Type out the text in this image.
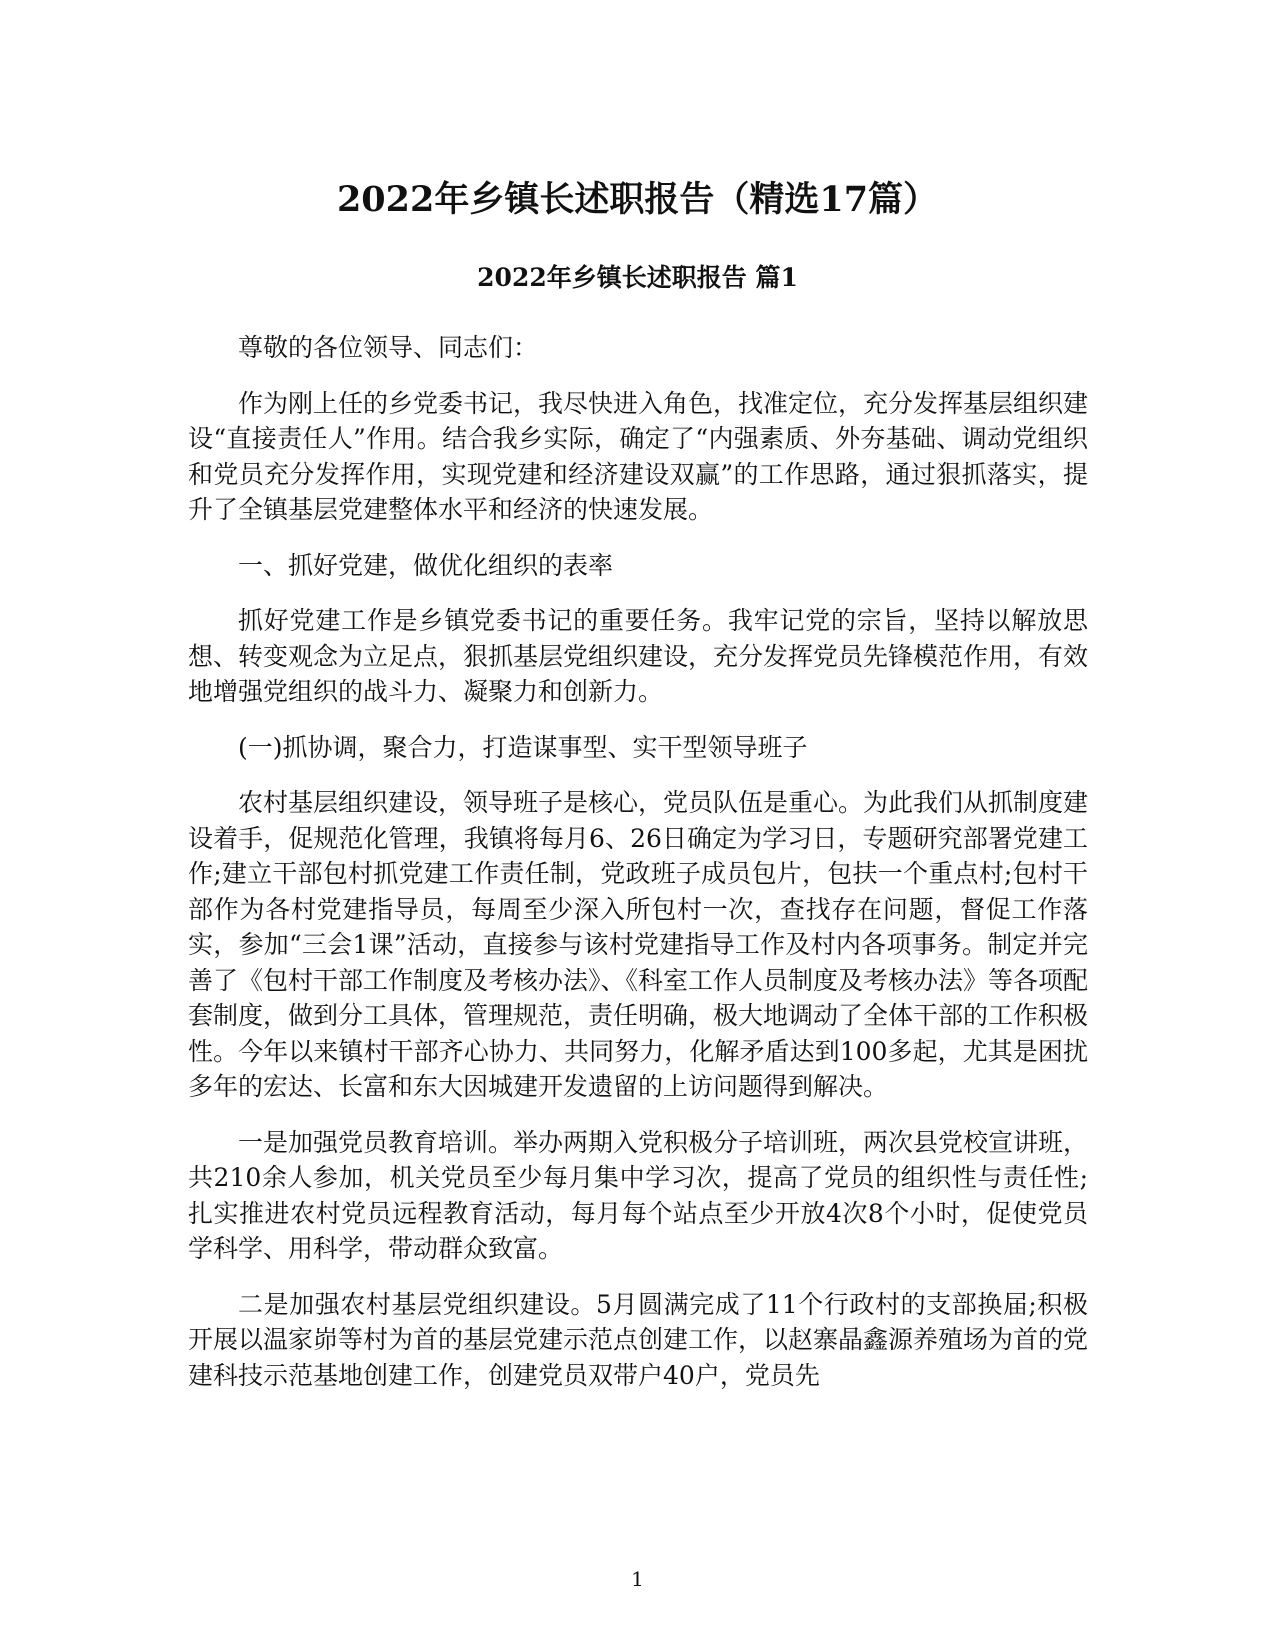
2022年乡镇长述职报告（精选17篇）
2022年乡镇长述职报告 篇1

尊敬的各位领导、同志们：

作为刚上任的乡党委书记，我尽快进入角色，找准定位，充分发挥基层组织建设“直接责任人”作用。结合我乡实际，确定了“内强素质、外夯基础、调动党组织和党员充分发挥作用，实现党建和经济建设双赢”的工作思路，通过狠抓落实，提升了全镇基层党建整体水平和经济的快速发展。

一、抓好党建，做优化组织的表率

抓好党建工作是乡镇党委书记的重要任务。我牢记党的宗旨，坚持以解放思想、转变观念为立足点，狠抓基层党组织建设，充分发挥党员先锋模范作用，有效地增强党组织的战斗力、凝聚力和创新力。

(一)抓协调，聚合力，打造谋事型、实干型领导班子

农村基层组织建设，领导班子是核心，党员队伍是重心。为此我们从抓制度建设着手，促规范化管理，我镇将每月6、26日确定为学习日，专题研究部署党建工作;建立干部包村抓党建工作责任制，党政班子成员包片，包扶一个重点村;包村干部作为各村党建指导员，每周至少深入所包村一次，查找存在问题，督促工作落实，参加“三会1课”活动，直接参与该村党建指导工作及村内各项事务。制定并完善了《包村干部工作制度及考核办法》、《科室工作人员制度及考核办法》等各项配套制度，做到分工具体，管理规范，责任明确，极大地调动了全体干部的工作积极性。今年以来镇村干部齐心协力、共同努力，化解矛盾达到100多起，尤其是困扰多年的宏达、长富和东大因城建开发遗留的上访问题得到解决。

一是加强党员教育培训。举办两期入党积极分子培训班，两次县党校宣讲班，共210余人参加，机关党员至少每月集中学习次，提高了党员的组织性与责任性;扎实推进农村党员远程教育活动，每月每个站点至少开放4次8个小时，促使党员学科学、用科学，带动群众致富。

二是加强农村基层党组织建设。5月圆满完成了11个行政村的支部换届;积极开展以温家峁等村为首的基层党建示范点创建工作，以赵寨晶鑫源养殖场为首的党建科技示范基地创建工作，创建党员双带户40户，党员先

1
